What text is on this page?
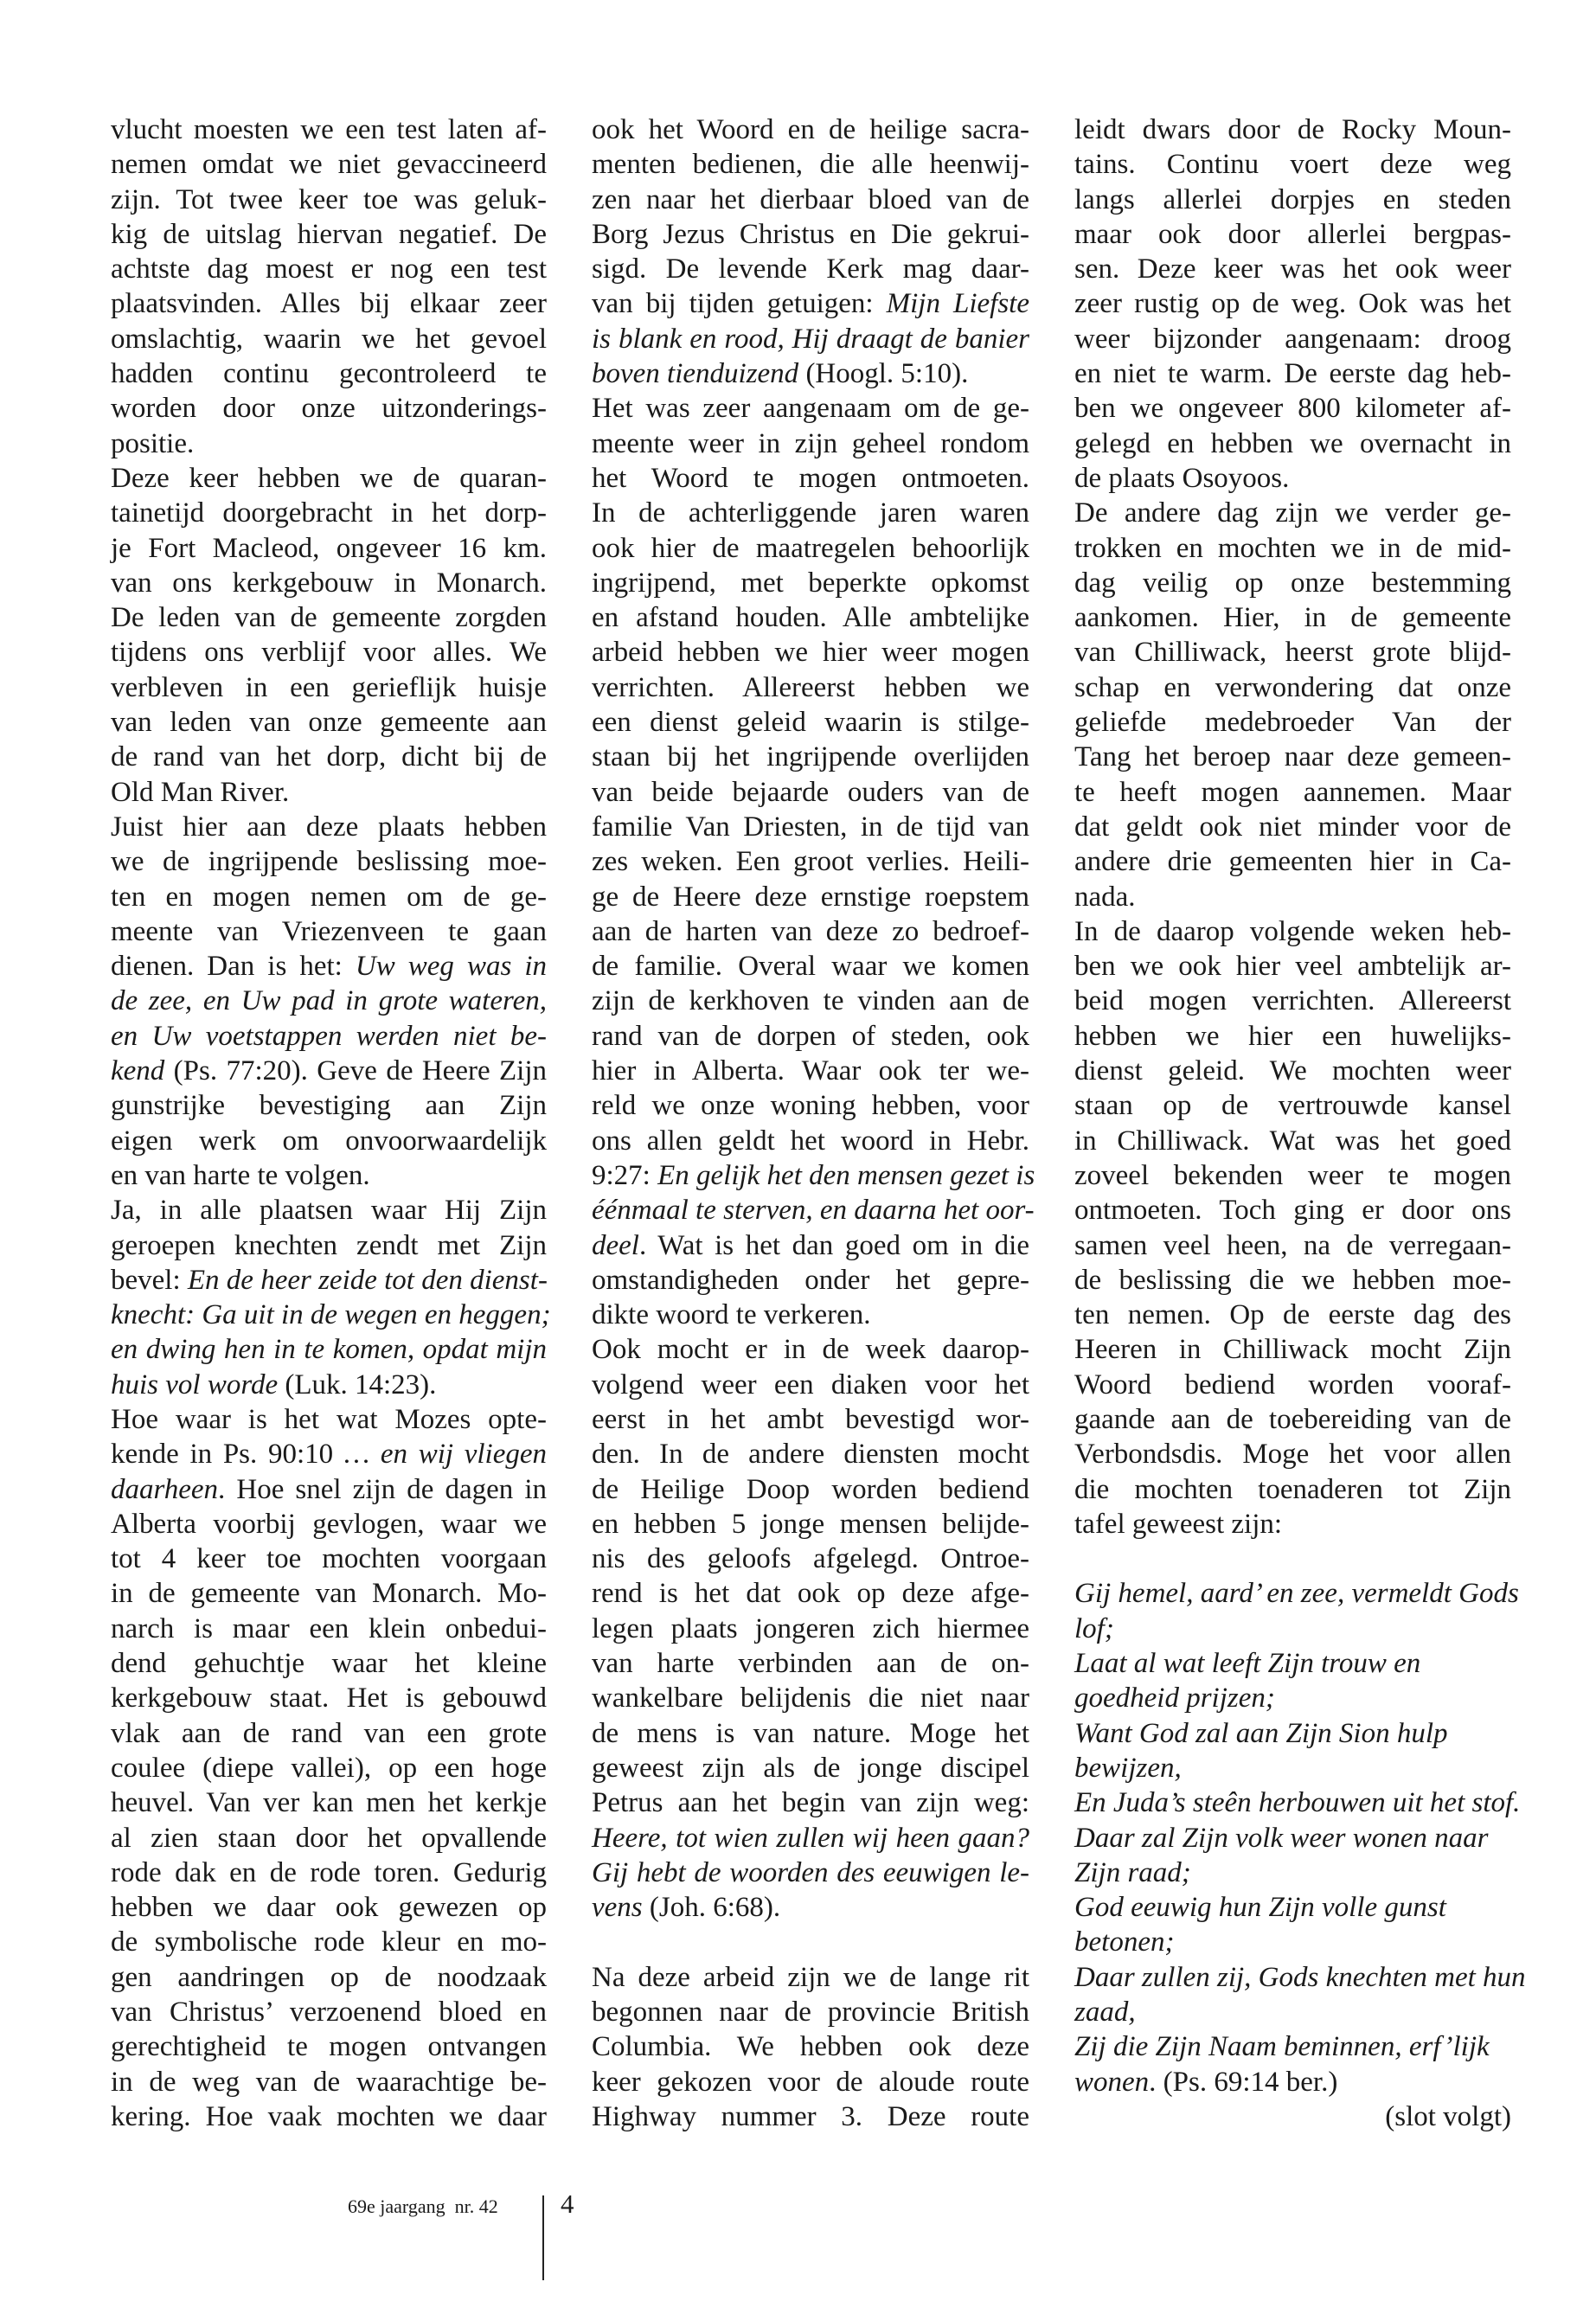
vlucht moesten we een test laten af-
nemen omdat we niet gevaccineerd
zijn. Tot twee keer toe was geluk-
kig de uitslag hiervan negatief. De
achtste dag moest er nog een test
plaatsvinden. Alles bij elkaar zeer
omslachtig, waarin we het gevoel
hadden continu gecontroleerd te
worden door onze uitzonderings-
positie.
Deze keer hebben we de quaran-
tainetijd doorgebracht in het dorp-
je Fort Macleod, ongeveer 16 km.
van ons kerkgebouw in Monarch.
De leden van de gemeente zorgden
tijdens ons verblijf voor alles. We
verbleven in een gerieflijk huisje
van leden van onze gemeente aan
de rand van het dorp, dicht bij de
Old Man River.
Juist hier aan deze plaats hebben
we de ingrijpende beslissing moe-
ten en mogen nemen om de ge-
meente van Vriezenveen te gaan
dienen. Dan is het: Uw weg was in
de zee, en Uw pad in grote wateren,
en Uw voetstappen werden niet be-
kend (Ps. 77:20). Geve de Heere Zijn
gunstrijke bevestiging aan Zijn
eigen werk om onvoorwaardelijk
en van harte te volgen.
Ja, in alle plaatsen waar Hij Zijn
geroepen knechten zendt met Zijn
bevel: En de heer zeide tot den dienst-
knecht: Ga uit in de wegen en heggen;
en dwing hen in te komen, opdat mijn
huis vol worde (Luk. 14:23).
Hoe waar is het wat Mozes opte-
kende in Ps. 90:10 … en wij vliegen
daarheen. Hoe snel zijn de dagen in
Alberta voorbij gevlogen, waar we
tot 4 keer toe mochten voorgaan
in de gemeente van Monarch. Mo-
narch is maar een klein onbedui-
dend gehuchtje waar het kleine
kerkgebouw staat. Het is gebouwd
vlak aan de rand van een grote
coulee (diepe vallei), op een hoge
heuvel. Van ver kan men het kerkje
al zien staan door het opvallende
rode dak en de rode toren. Gedurig
hebben we daar ook gewezen op
de symbolische rode kleur en mo-
gen aandringen op de noodzaak
van Christus’ verzoenend bloed en
gerechtigheid te mogen ontvangen
in de weg van de waarachtige be-
kering. Hoe vaak mochten we daar
ook het Woord en de heilige sacra-
menten bedienen, die alle heenwij-
zen naar het dierbaar bloed van de
Borg Jezus Christus en Die gekrui-
sigd. De levende Kerk mag daar-
van bij tijden getuigen: Mijn Liefste
is blank en rood, Hij draagt de banier
boven tienduizend (Hoogl. 5:10).
Het was zeer aangenaam om de ge-
meente weer in zijn geheel rondom
het Woord te mogen ontmoeten.
In de achterliggende jaren waren
ook hier de maatregelen behoorlijk
ingrijpend, met beperkte opkomst
en afstand houden. Alle ambtelijke
arbeid hebben we hier weer mogen
verrichten. Allereerst hebben we
een dienst geleid waarin is stilge-
staan bij het ingrijpende overlijden
van beide bejaarde ouders van de
familie Van Driesten, in de tijd van
zes weken. Een groot verlies. Heili-
ge de Heere deze ernstige roepstem
aan de harten van deze zo bedroef-
de familie. Overal waar we komen
zijn de kerkhoven te vinden aan de
rand van de dorpen of steden, ook
hier in Alberta. Waar ook ter we-
reld we onze woning hebben, voor
ons allen geldt het woord in Hebr.
9:27: En gelijk het den mensen gezet is
éénmaal te sterven, en daarna het oor-
deel. Wat is het dan goed om in die
omstandigheden onder het gepre-
dikte woord te verkeren.
Ook mocht er in de week daarop-
volgend weer een diaken voor het
eerst in het ambt bevestigd wor-
den. In de andere diensten mocht
de Heilige Doop worden bediend
en hebben 5 jonge mensen belijde-
nis des geloofs afgelegd. Ontroe-
rend is het dat ook op deze afge-
legen plaats jongeren zich hiermee
van harte verbinden aan de on-
wankelbare belijdenis die niet naar
de mens is van nature. Moge het
geweest zijn als de jonge discipel
Petrus aan het begin van zijn weg:
Heere, tot wien zullen wij heen gaan?
Gij hebt de woorden des eeuwigen le-
vens (Joh. 6:68).
Na deze arbeid zijn we de lange rit
begonnen naar de provincie British
Columbia. We hebben ook deze
keer gekozen voor de aloude route
Highway nummer 3. Deze route
leidt dwars door de Rocky Moun-
tains. Continu voert deze weg
langs allerlei dorpjes en steden
maar ook door allerlei bergpas-
sen. Deze keer was het ook weer
zeer rustig op de weg. Ook was het
weer bijzonder aangenaam: droog
en niet te warm. De eerste dag heb-
ben we ongeveer 800 kilometer af-
gelegd en hebben we overnacht in
de plaats Osoyoos.
De andere dag zijn we verder ge-
trokken en mochten we in de mid-
dag veilig op onze bestemming
aankomen. Hier, in de gemeente
van Chilliwack, heerst grote blijd-
schap en verwondering dat onze
geliefde medebroeder Van der
Tang het beroep naar deze gemeen-
te heeft mogen aannemen. Maar
dat geldt ook niet minder voor de
andere drie gemeenten hier in Ca-
nada.
In de daarop volgende weken heb-
ben we ook hier veel ambtelijk ar-
beid mogen verrichten. Allereerst
hebben we hier een huwelijks-
dienst geleid. We mochten weer
staan op de vertrouwde kansel
in Chilliwack. Wat was het goed
zoveel bekenden weer te mogen
ontmoeten. Toch ging er door ons
samen veel heen, na de verregaan-
de beslissing die we hebben moe-
ten nemen. Op de eerste dag des
Heeren in Chilliwack mocht Zijn
Woord bediend worden vooraf-
gaande aan de toebereiding van de
Verbondsdis. Moge het voor allen
die mochten toenaderen tot Zijn
tafel geweest zijn:
Gij hemel, aard’ en zee, vermeldt Gods
lof;
Laat al wat leeft Zijn trouw en
goedheid prijzen;
Want God zal aan Zijn Sion hulp
bewijzen,
En Juda’s steên herbouwen uit het stof.
Daar zal Zijn volk weer wonen naar
Zijn raad;
God eeuwig hun Zijn volle gunst
betonen;
Daar zullen zij, Gods knechten met hun
zaad,
Zij die Zijn Naam beminnen, erf’lijk
wonen. (Ps. 69:14 ber.)
(slot volgt)
69e jaargang  nr. 42 4
